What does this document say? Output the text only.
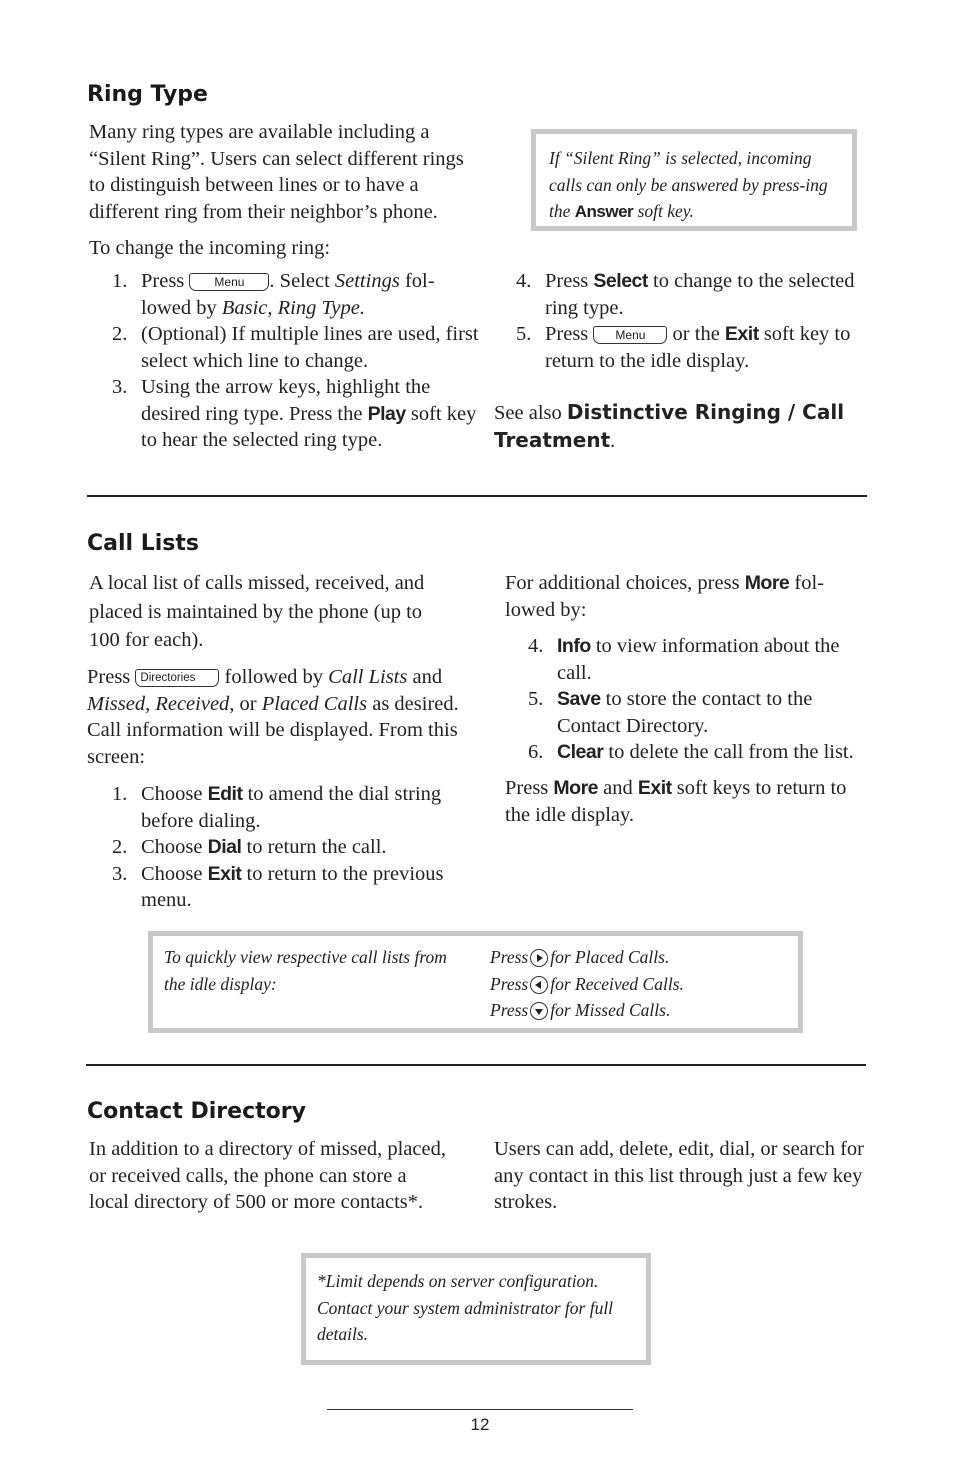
Ring Type

Many ring types are available including a “Silent Ring”. Users can select different rings to distinguish between lines or to have a different ring from their neighbor’s phone.

To change the incoming ring:

1. Press	Menu . Select Settings fol-lowed by Basic, Ring Type.
2. (Optional) If multiple lines are used, first select which line to change.
3. Using the arrow keys, highlight the desired ring type. Press the Play soft key to hear the selected ring type.
If “Silent Ring” is selected, incoming calls can only be answered by press-ing the Answer soft key.
4. Press Select to change to the selected ring type.
5. Press Menu or the Exit soft key to return to the idle display.

See also Distinctive Ringing / Call Treatment.

Call Lists

A local list of calls missed, received, and placed is maintained by the phone (up to 100 for each).

Press Directories followed by Call Lists and Missed, Received, or Placed Calls as desired. Call information will be displayed. From this screen:

1. Choose Edit to amend the dial string before dialing.
2. Choose Dial to return the call.
3. Choose Exit to return to the previous menu.

For additional choices, press More fol-lowed by:

4. Info to view information about the call.
5. Save to store the contact to the Contact Directory.
6. Clear to delete the call from the list.

Press More and Exit soft keys to return to the idle display.

To quickly view respective call lists from the idle display:
Press for Placed Calls.
Press for Received Calls.
Press for Missed Calls.
Contact Directory

In addition to a directory of missed, placed, or received calls, the phone can store a local directory of 500 or more contacts*.

Users can add, delete, edit, dial, or search for any contact in this list through just a few key strokes.

*Limit depends on server configuration. Contact your system administrator for full details.
12
